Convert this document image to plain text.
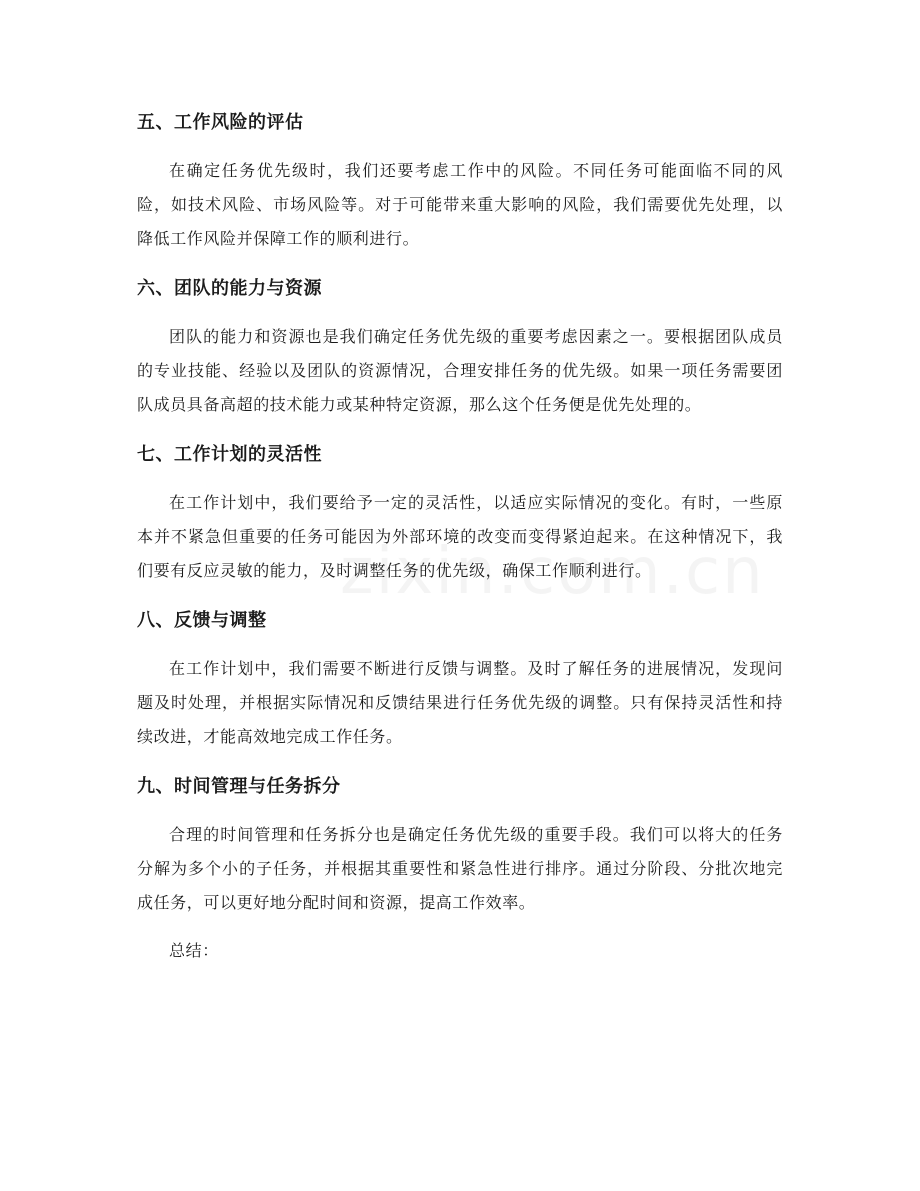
五、工作风险的评估

在确定任务优先级时，我们还要考虑工作中的风险。不同任务可能面临不同的风险，如技术风险、市场风险等。对于可能带来重大影响的风险，我们需要优先处理，以降低工作风险并保障工作的顺利进行。

六、团队的能力与资源

团队的能力和资源也是我们确定任务优先级的重要考虑因素之一。要根据团队成员的专业技能、经验以及团队的资源情况，合理安排任务的优先级。如果一项任务需要团队成员具备高超的技术能力或某种特定资源，那么这个任务便是优先处理的。

七、工作计划的灵活性

在工作计划中，我们要给予一定的灵活性，以适应实际情况的变化。有时，一些原本并不紧急但重要的任务可能因为外部环境的改变而变得紧迫起来。在这种情况下，我们要有反应灵敏的能力，及时调整任务的优先级，确保工作顺利进行。

八、反馈与调整

在工作计划中，我们需要不断进行反馈与调整。及时了解任务的进展情况，发现问题及时处理，并根据实际情况和反馈结果进行任务优先级的调整。只有保持灵活性和持续改进，才能高效地完成工作任务。

九、时间管理与任务拆分

合理的时间管理和任务拆分也是确定任务优先级的重要手段。我们可以将大的任务分解为多个小的子任务，并根据其重要性和紧急性进行排序。通过分阶段、分批次地完成任务，可以更好地分配时间和资源，提高工作效率。

总结：
